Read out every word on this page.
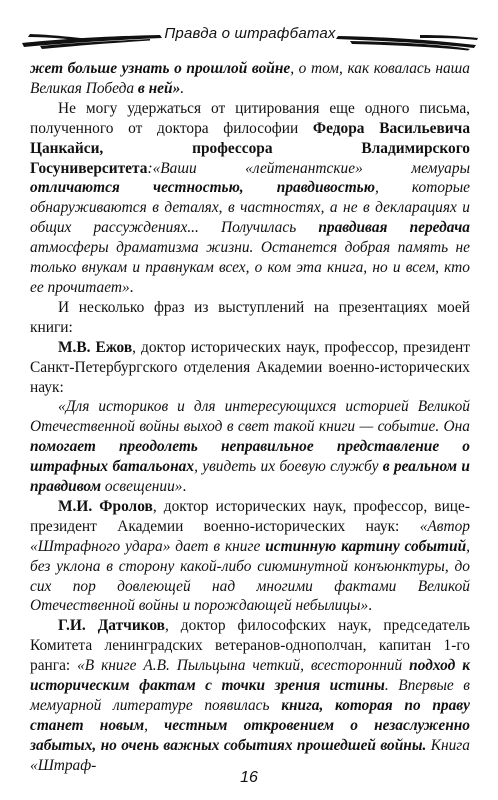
Правда о штрафбатах

жет больше узнать о прошлой войне, о том, как ковалась наша Великая Победа в ней».

Не могу удержаться от цитирования еще одного письма, полученного от доктора философии Федора Васильевича Цанкайси, профессора Владимирского Госуниверситета:«Ваши «лейтенантские» мемуары отличаются честностью, правдивостью, которые обнаруживаются в деталях, в частностях, а не в декларациях и общих рассуждениях... Получилась правдивая передача атмосферы драматизма жизни. Останется добрая память не только внукам и правнукам всех, о ком эта книга, но и всем, кто ее прочитает».

И несколько фраз из выступлений на презентациях моей книги:

М.В. Ежов, доктор исторических наук, профессор, президент Санкт-Петербургского отделения Академии военно-исторических наук:

«Для историков и для интересующихся историей Великой Отечественной войны выход в свет такой книги — событие. Она помогает преодолеть неправильное представление о штрафных батальонах, увидеть их боевую службу в реальном и правдивом освещении».

М.И. Фролов, доктор исторических наук, профессор, вице-президент Академии военно-исторических наук: «Автор «Штрафного удара» дает в книге истинную картину событий, без уклона в сторону какой-либо сиюминутной конъюнктуры, до сих пор довлеющей над многими фактами Великой Отечественной войны и порождающей небылицы».

Г.И. Датчиков, доктор философских наук, председатель Комитета ленинградских ветеранов-однополчан, капитан 1-го ранга: «В книге А.В. Пыльцына четкий, всесторонний подход к историческим фактам с точки зрения истины. Впервые в мемуарной литературе появилась книга, которая по праву станет новым, честным откровением о незаслуженно забытых, но очень важных событиях прошедшей войны. Книга «Штраф-

16
